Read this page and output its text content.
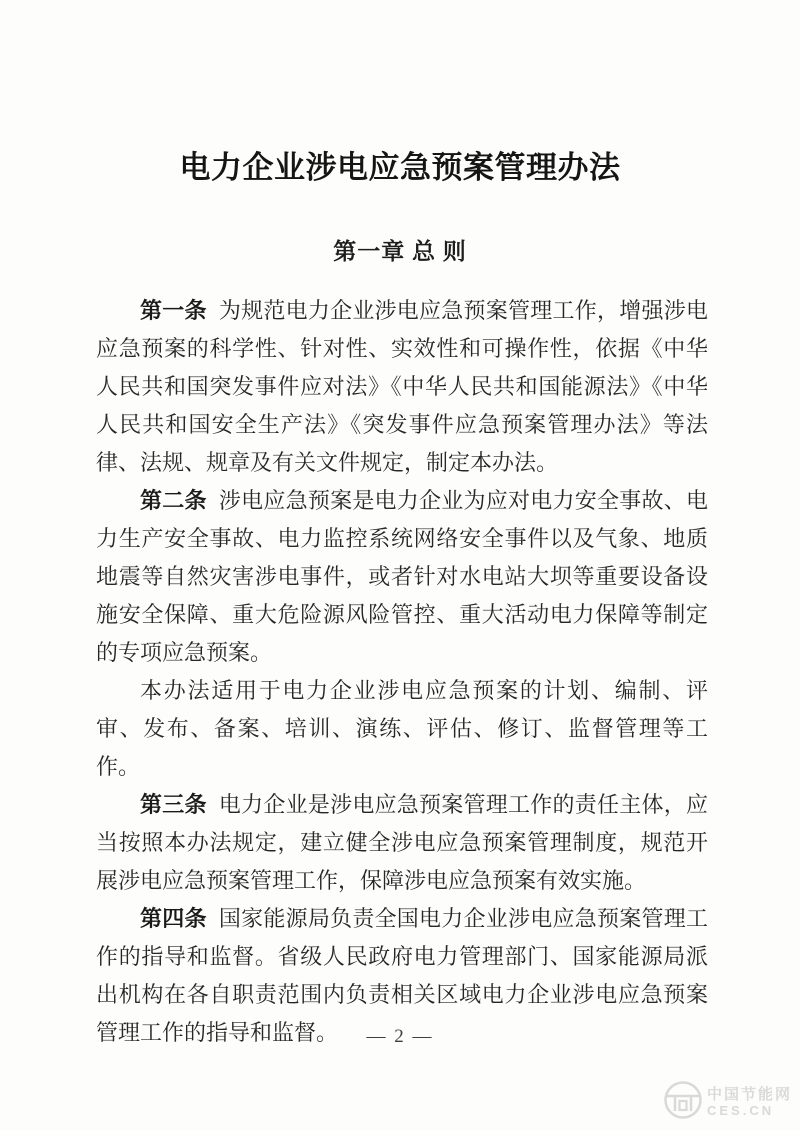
电力企业涉电应急预案管理办法
第一章 总 则

第一条 为规范电力企业涉电应急预案管理工作，增强涉电应急预案的科学性、针对性、实效性和可操作性，依据《中华人民共和国突发事件应对法》《中华人民共和国能源法》《中华人民共和国安全生产法》《突发事件应急预案管理办法》等法律、法规、规章及有关文件规定，制定本办法。

第二条 涉电应急预案是电力企业为应对电力安全事故、电力生产安全事故、电力监控系统网络安全事件以及气象、地质地震等自然灾害涉电事件，或者针对水电站大坝等重要设备设施安全保障、重大危险源风险管控、重大活动电力保障等制定的专项应急预案。

本办法适用于电力企业涉电应急预案的计划、编制、评审、发布、备案、培训、演练、评估、修订、监督管理等工作。

第三条 电力企业是涉电应急预案管理工作的责任主体，应当按照本办法规定，建立健全涉电应急预案管理制度，规范开展涉电应急预案管理工作，保障涉电应急预案有效实施。

第四条 国家能源局负责全国电力企业涉电应急预案管理工作的指导和监督。省级人民政府电力管理部门、国家能源局派出机构在各自职责范围内负责相关区域电力企业涉电应急预案管理工作的指导和监督。	— 2 —
中国节能网
CES.CN
